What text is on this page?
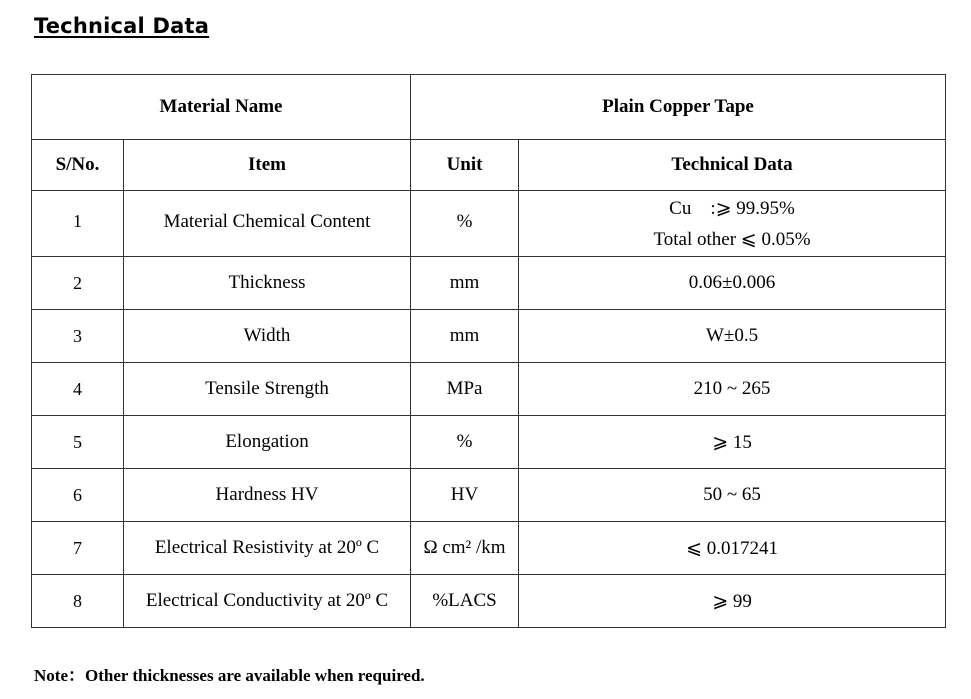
Technical Data
Material Name		Plain Copper Tape	
S/No.	Item	Unit	Technical Data
1	Material Chemical Content	%	Cu　:⩾ 99.95%
Total other ⩽ 0.05%

2	Thickness	mm	0.06±0.006
3	Width	mm	W±0.5
4	Tensile Strength	MPa	210 ~ 265
5	Elongation	%	⩾ 15
6	Hardness HV	HV	50 ~ 65
7	Electrical Resistivity at 20º C	Ω cm² /km	⩽ 0.017241
8	Electrical Conductivity at 20º C	%LACS	⩾ 99
Note：Other thicknesses are available when required.
